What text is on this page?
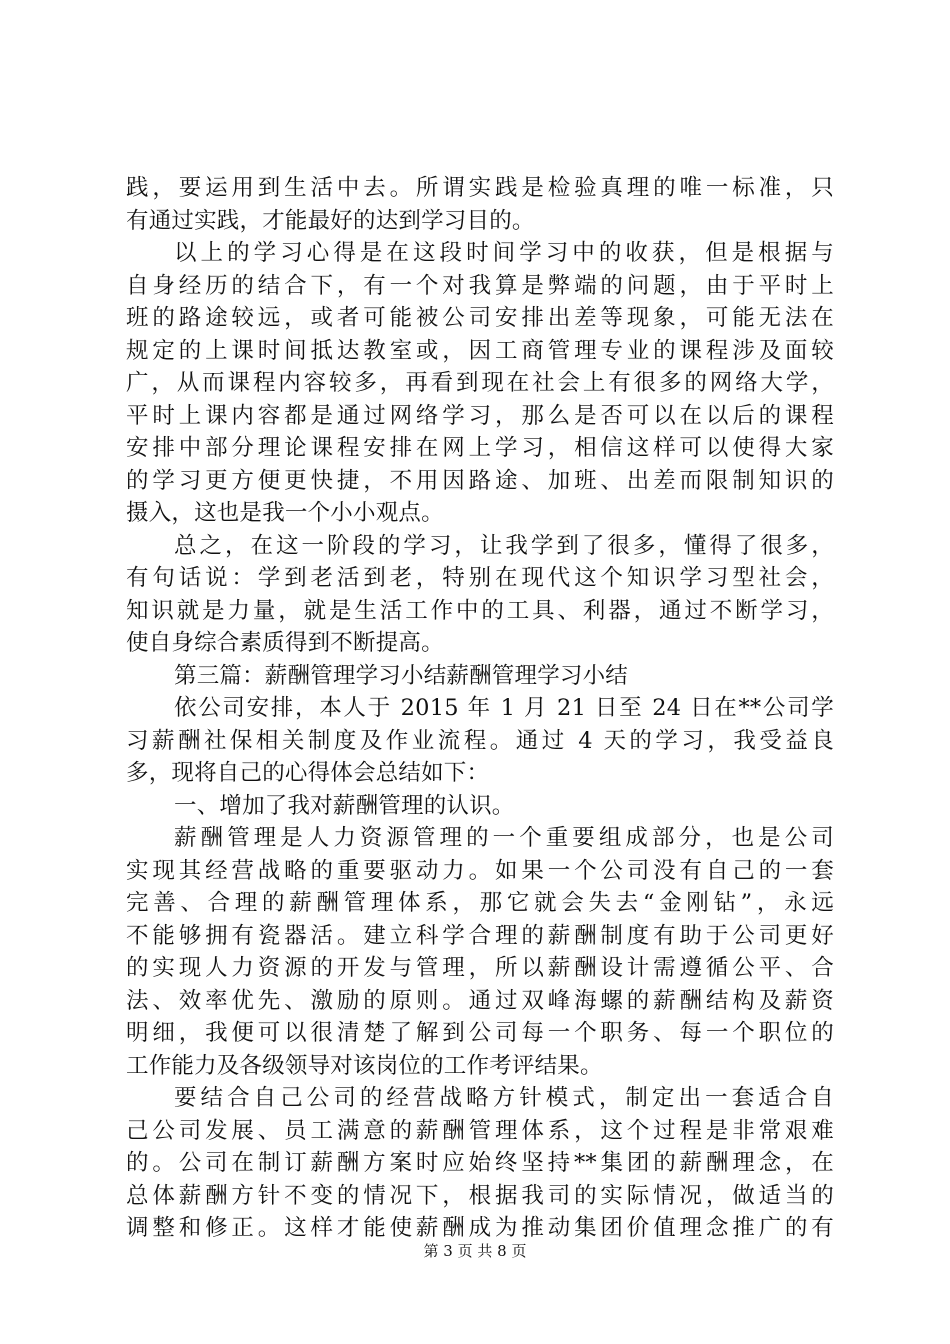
践，要运用到生活中去。所谓实践是检验真理的唯一标准，只
有通过实践，才能最好的达到学习目的。
以上的学习心得是在这段时间学习中的收获，但是根据与
自身经历的结合下，有一个对我算是弊端的问题，由于平时上
班的路途较远，或者可能被公司安排出差等现象，可能无法在
规定的上课时间抵达教室或，因工商管理专业的课程涉及面较
广，从而课程内容较多，再看到现在社会上有很多的网络大学，
平时上课内容都是通过网络学习，那么是否可以在以后的课程
安排中部分理论课程安排在网上学习，相信这样可以使得大家
的学习更方便更快捷，不用因路途、加班、出差而限制知识的
摄入，这也是我一个小小观点。
总之，在这一阶段的学习，让我学到了很多，懂得了很多，
有句话说：学到老活到老，特别在现代这个知识学习型社会，
知识就是力量，就是生活工作中的工具、利器，通过不断学习，
使自身综合素质得到不断提高。
第三篇：薪酬管理学习小结薪酬管理学习小结
依公司安排，本人于 2015 年 1 月 21 日至 24 日在**公司学
习薪酬社保相关制度及作业流程。通过 4 天的学习，我受益良
多，现将自己的心得体会总结如下：
一、增加了我对薪酬管理的认识。
薪酬管理是人力资源管理的一个重要组成部分，也是公司
实现其经营战略的重要驱动力。如果一个公司没有自己的一套
完善、合理的薪酬管理体系，那它就会失去“金刚钻”，永远
不能够拥有瓷器活。建立科学合理的薪酬制度有助于公司更好
的实现人力资源的开发与管理，所以薪酬设计需遵循公平、合
法、效率优先、激励的原则。通过双峰海螺的薪酬结构及薪资
明细，我便可以很清楚了解到公司每一个职务、每一个职位的
工作能力及各级领导对该岗位的工作考评结果。
要结合自己公司的经营战略方针模式，制定出一套适合自
己公司发展、员工满意的薪酬管理体系，这个过程是非常艰难
的。公司在制订薪酬方案时应始终坚持**集团的薪酬理念，在
总体薪酬方针不变的情况下，根据我司的实际情况，做适当的
调整和修正。这样才能使薪酬成为推动集团价值理念推广的有
第 3 页 共 8 页
